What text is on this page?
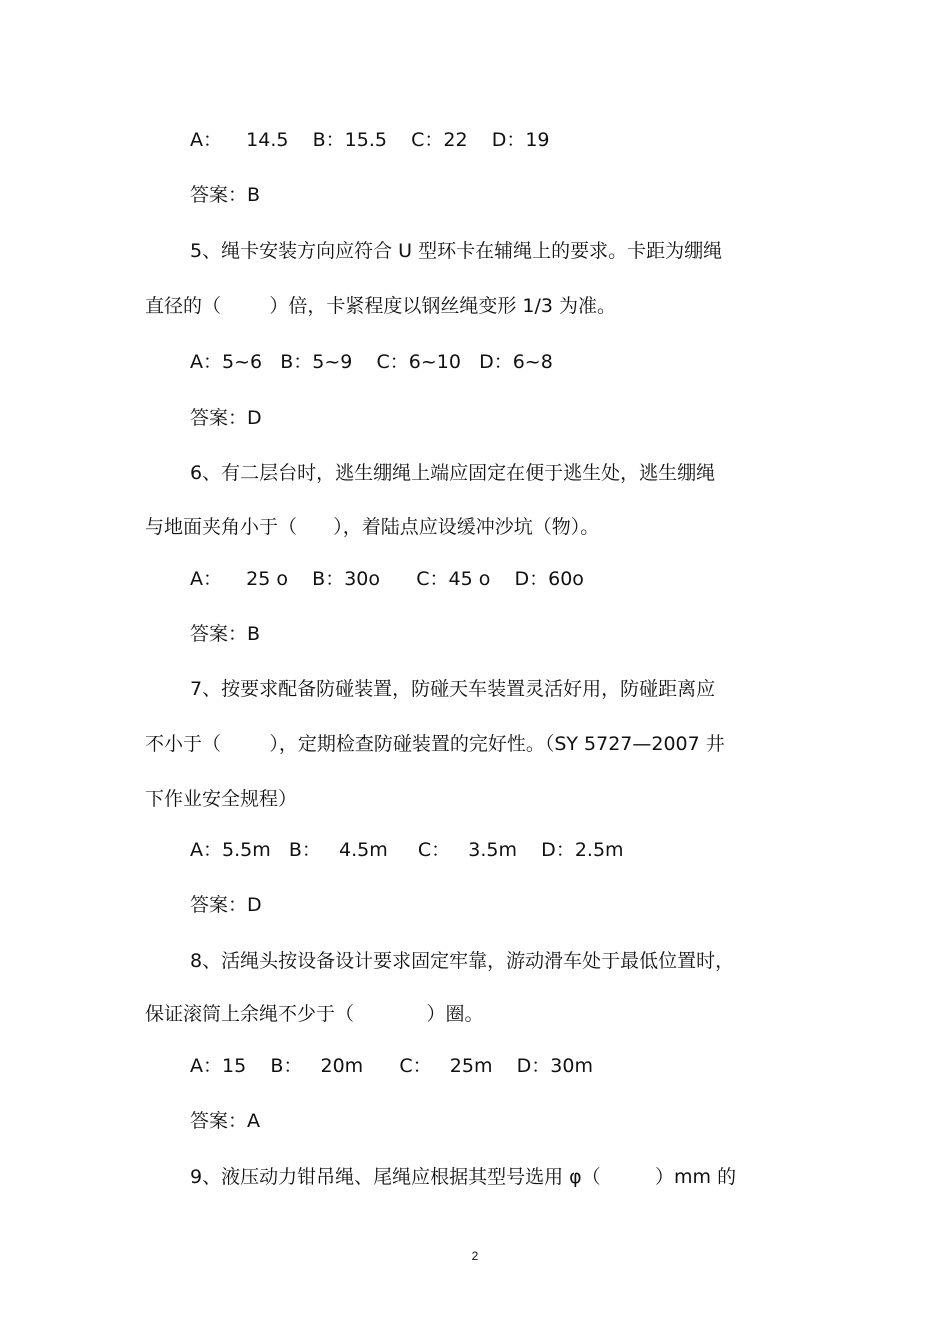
A：    14.5    B：15.5    C：22    D：19

答案：B

5、绳卡安装方向应符合 U 型环卡在辅绳上的要求。卡距为绷绳

直径的（        ）倍，卡紧程度以钢丝绳变形 1/3 为准。

A：5~6   B：5~9    C：6~10   D：6~8

答案：D

6、有二层台时，逃生绷绳上端应固定在便于逃生处，逃生绷绳

与地面夹角小于（      ），着陆点应设缓冲沙坑（物）。

A：    25 o    B：30o      C：45 o    D：60o

答案：B

7、按要求配备防碰装置，防碰天车装置灵活好用，防碰距离应

不小于（        ），定期检查防碰装置的完好性。（SY 5727—2007 井

下作业安全规程）

A：5.5m   B：   4.5m     C：   3.5m    D：2.5m

答案：D

8、活绳头按设备设计要求固定牢靠，游动滑车处于最低位置时，

保证滚筒上余绳不少于（            ）圈。

A：15    B：   20m      C：   25m    D：30m

答案：A

9、液压动力钳吊绳、尾绳应根据其型号选用 φ（         ）mm 的

2
